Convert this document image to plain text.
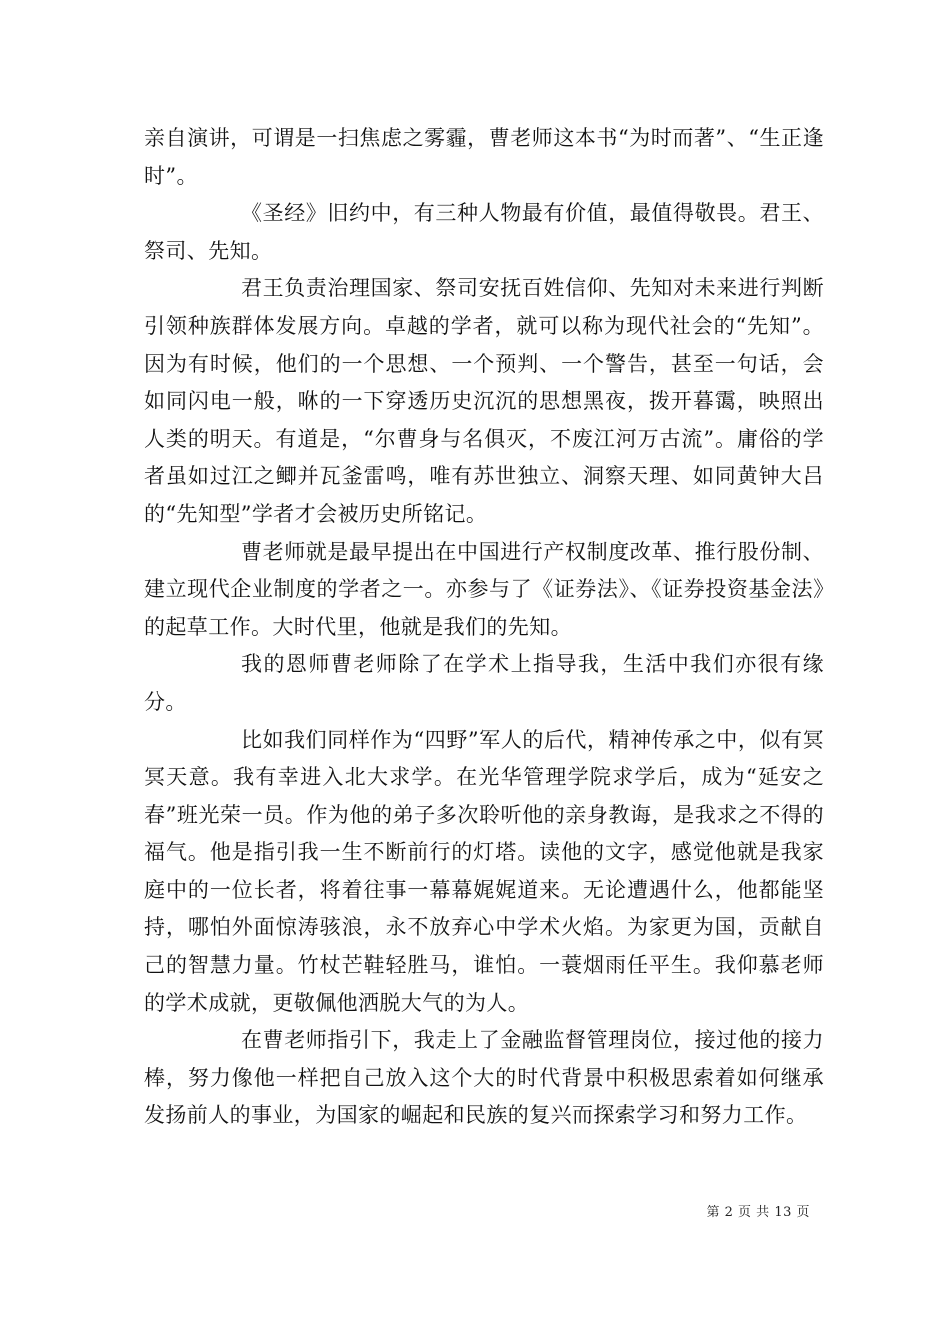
亲自演讲，可谓是一扫焦虑之雾霾，曹老师这本书“为时而著”、“生正逢时”。

《圣经》旧约中，有三种人物最有价值，最值得敬畏。君王、祭司、先知。

君王负责治理国家、祭司安抚百姓信仰、先知对未来进行判断引领种族群体发展方向。卓越的学者，就可以称为现代社会的“先知”。因为有时候，他们的一个思想、一个预判、一个警告，甚至一句话，会如同闪电一般，咻的一下穿透历史沉沉的思想黑夜，拨开暮霭，映照出人类的明天。有道是，“尔曹身与名俱灭，不废江河万古流”。庸俗的学者虽如过江之鲫并瓦釜雷鸣，唯有苏世独立、洞察天理、如同黄钟大吕的“先知型”学者才会被历史所铭记。

曹老师就是最早提出在中国进行产权制度改革、推行股份制、建立现代企业制度的学者之一。亦参与了《证券法》、《证券投资基金法》的起草工作。大时代里，他就是我们的先知。

我的恩师曹老师除了在学术上指导我，生活中我们亦很有缘分。

比如我们同样作为“四野”军人的后代，精神传承之中，似有冥冥天意。我有幸进入北大求学。在光华管理学院求学后，成为“延安之春”班光荣一员。作为他的弟子多次聆听他的亲身教诲，是我求之不得的福气。他是指引我一生不断前行的灯塔。读他的文字，感觉他就是我家庭中的一位长者，将着往事一幕幕娓娓道来。无论遭遇什么，他都能坚持，哪怕外面惊涛骇浪，永不放弃心中学术火焰。为家更为国，贡献自己的智慧力量。竹杖芒鞋轻胜马，谁怕。一蓑烟雨任平生。我仰慕老师的学术成就，更敬佩他洒脱大气的为人。

在曹老师指引下，我走上了金融监督管理岗位，接过他的接力棒，努力像他一样把自己放入这个大的时代背景中积极思索着如何继承发扬前人的事业，为国家的崛起和民族的复兴而探索学习和努力工作。

第 2 页 共 13 页
